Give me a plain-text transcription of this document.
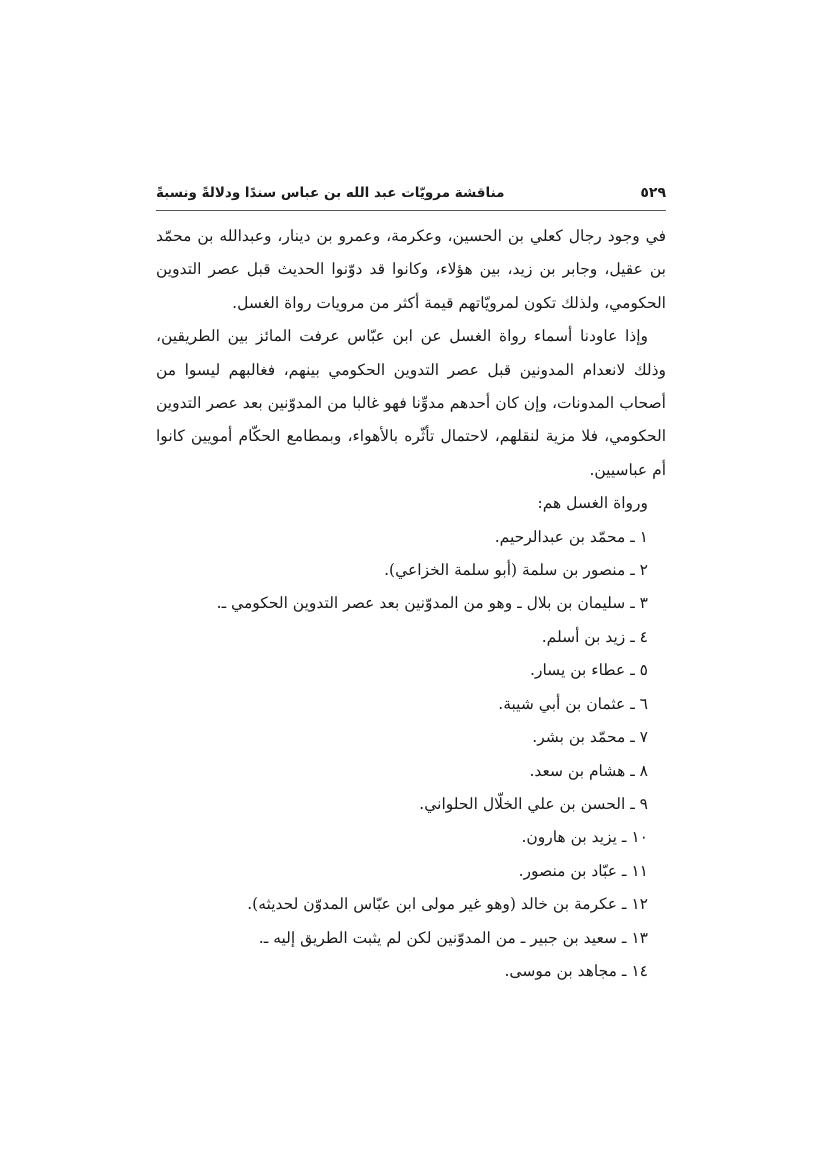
مناقشة مرويّات عبد الله بن عباس سندًا ودلالةً ونسبةً	٥٢٩

في وجود رجال كعلي بن الحسين، وعكرمة، وعمرو بن دينار، وعبدالله بن محمّد بن عقيل، وجابر بن زيد، بين هؤلاء، وكانوا قد دوّنوا الحديث قبل عصر التدوين الحكومي، ولذلك تكون لمرويّاتهم قيمة أكثر من مرويات رواة الغسل.

وإذا عاودنا أسماء رواة الغسل عن ابن عبّاس عرفت المائز بين الطريقين، وذلك لانعدام المدونين قبل عصر التدوين الحكومي بينهم، فغالبهم ليسوا من أصحاب المدونات، وإن كان أحدهم مدوِّنا فهو غالبا من المدوّنين بعد عصر التدوين الحكومي، فلا مزية لنقلهم، لاحتمال تأثّره بالأهواء، وبمطامع الحكّام أمويين كانوا أم عباسيين.

ورواة الغسل هم:

١ ـ محمّد بن عبدالرحيم.
٢ ـ منصور بن سلمة (أبو سلمة الخزاعي).
٣ ـ سليمان بن بلال ـ وهو من المدوّنين بعد عصر التدوين الحكومي ـ.
٤ ـ زيد بن أسلم.
٥ ـ عطاء بن يسار.
٦ ـ عثمان بن أبي شيبة.
٧ ـ محمّد بن بشر.
٨ ـ هشام بن سعد.
٩ ـ الحسن بن علي الخلّال الحلواني.
١٠ ـ يزيد بن هارون.
١١ ـ عبّاد بن منصور.
١٢ ـ عكرمة بن خالد (وهو غير مولى ابن عبّاس المدوّن لحديثه).
١٣ ـ سعيد بن جبير ـ من المدوّنين لكن لم يثبت الطريق إليه ـ.
١٤ ـ مجاهد بن موسى.
